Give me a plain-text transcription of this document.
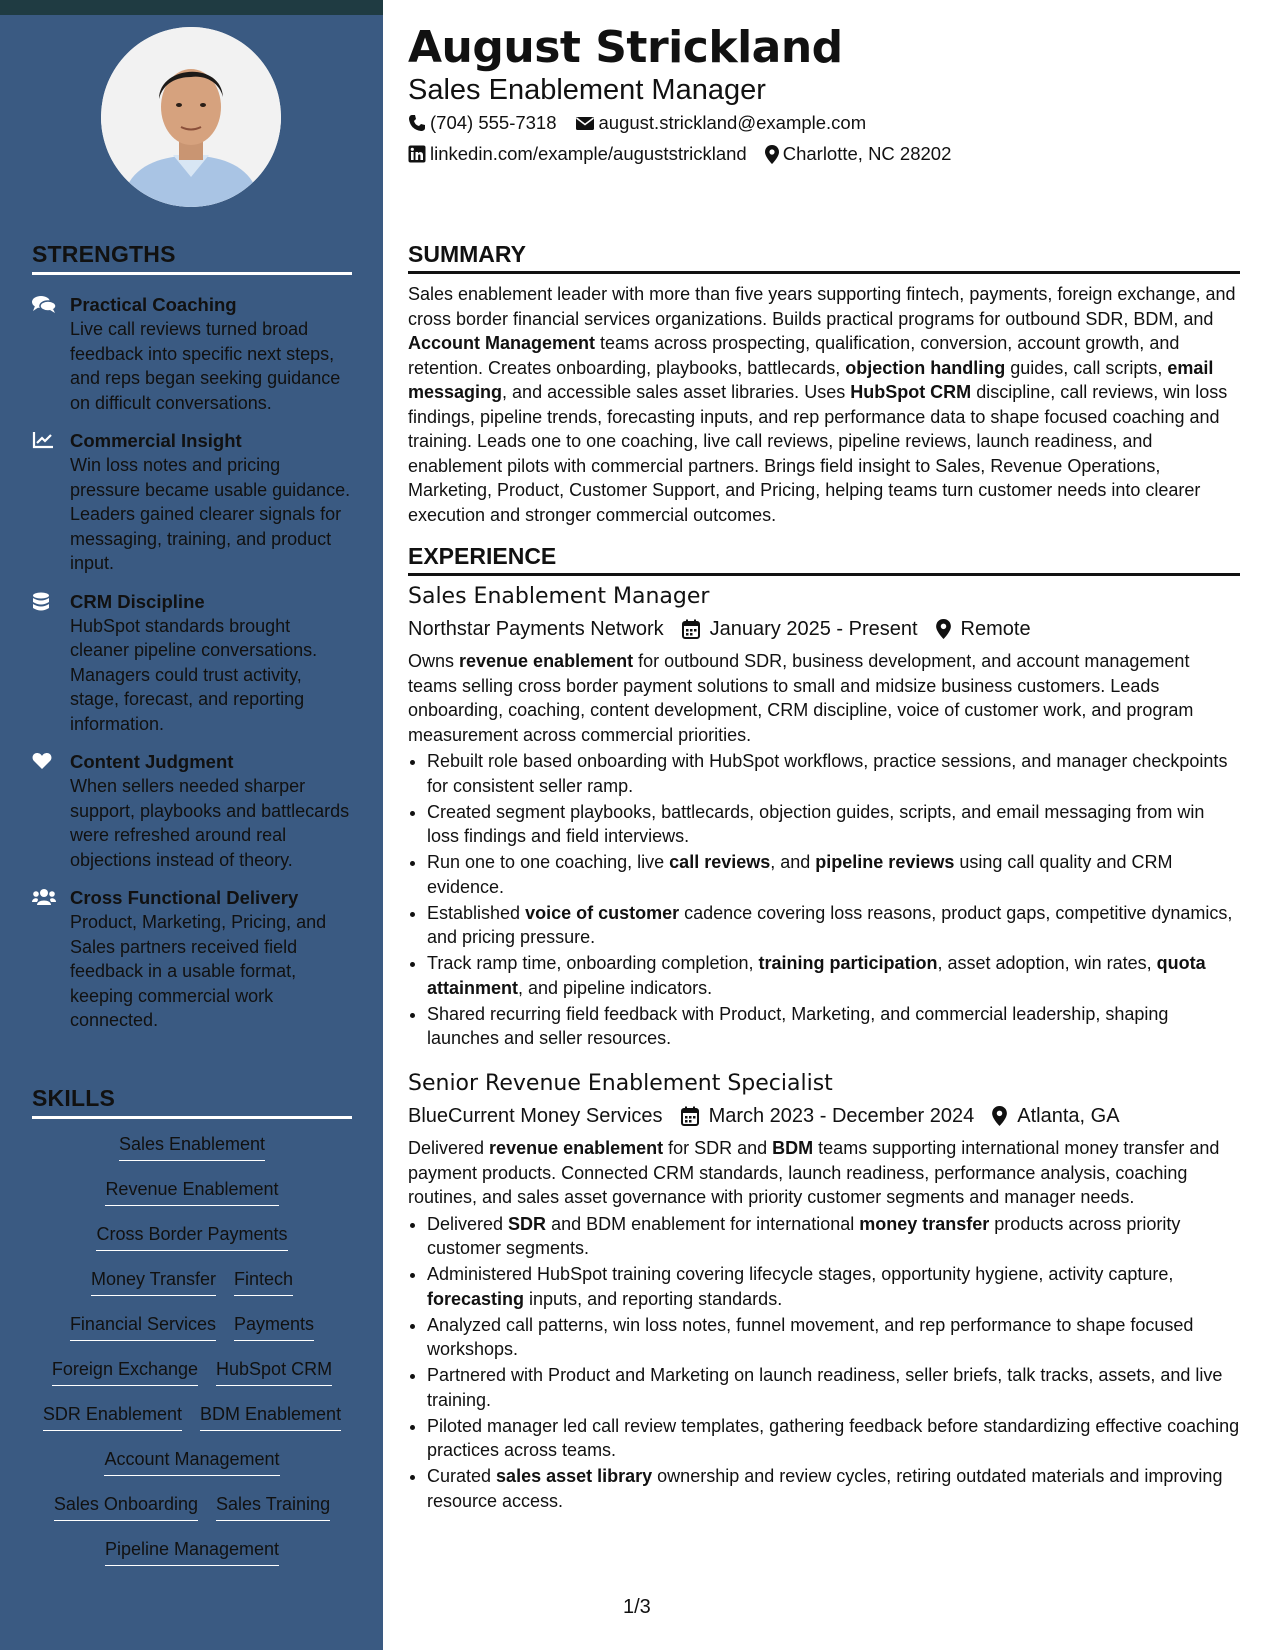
STRENGTHS
Practical Coaching
Live call reviews turned broad feedback into specific next steps, and reps began seeking guidance on difficult conversations.
Commercial Insight
Win loss notes and pricing pressure became usable guidance. Leaders gained clearer signals for messaging, training, and product input.
CRM Discipline
HubSpot standards brought cleaner pipeline conversations. Managers could trust activity, stage, forecast, and reporting information.
Content Judgment
When sellers needed sharper support, playbooks and battlecards were refreshed around real objections instead of theory.
Cross Functional Delivery
Product, Marketing, Pricing, and Sales partners received field feedback in a usable format, keeping commercial work connected.
SKILLS
Sales Enablement
Revenue Enablement
Cross Border Payments
Money Transfer Fintech
Financial Services Payments
Foreign Exchange HubSpot CRM
SDR Enablement BDM Enablement
Account Management
Sales Onboarding Sales Training
Pipeline Management
August Strickland
Sales Enablement Manager
(704) 555-7318 august.strickland@example.com
linkedin.com/example/auguststrickland Charlotte, NC 28202
SUMMARY
Sales enablement leader with more than five years supporting fintech, payments, foreign exchange, and cross border financial services organizations. Builds practical programs for outbound SDR, BDM, and Account Management teams across prospecting, qualification, conversion, account growth, and retention. Creates onboarding, playbooks, battlecards, objection handling guides, call scripts, email messaging, and accessible sales asset libraries. Uses HubSpot CRM discipline, call reviews, win loss findings, pipeline trends, forecasting inputs, and rep performance data to shape focused coaching and training. Leads one to one coaching, live call reviews, pipeline reviews, launch readiness, and enablement pilots with commercial partners. Brings field insight to Sales, Revenue Operations, Marketing, Product, Customer Support, and Pricing, helping teams turn customer needs into clearer execution and stronger commercial outcomes.
EXPERIENCE
Sales Enablement Manager
Northstar Payments Network January 2025 - Present Remote
Owns revenue enablement for outbound SDR, business development, and account management teams selling cross border payment solutions to small and midsize business customers. Leads onboarding, coaching, content development, CRM discipline, voice of customer work, and program measurement across commercial priorities.
• Rebuilt role based onboarding with HubSpot workflows, practice sessions, and manager checkpoints for consistent seller ramp.
• Created segment playbooks, battlecards, objection guides, scripts, and email messaging from win loss findings and field interviews.
• Run one to one coaching, live call reviews, and pipeline reviews using call quality and CRM evidence.
• Established voice of customer cadence covering loss reasons, product gaps, competitive dynamics, and pricing pressure.
• Track ramp time, onboarding completion, training participation, asset adoption, win rates, quota attainment, and pipeline indicators.
• Shared recurring field feedback with Product, Marketing, and commercial leadership, shaping launches and seller resources.
Senior Revenue Enablement Specialist
BlueCurrent Money Services March 2023 - December 2024 Atlanta, GA
Delivered revenue enablement for SDR and BDM teams supporting international money transfer and payment products. Connected CRM standards, launch readiness, performance analysis, coaching routines, and sales asset governance with priority customer segments and manager needs.
• Delivered SDR and BDM enablement for international money transfer products across priority customer segments.
• Administered HubSpot training covering lifecycle stages, opportunity hygiene, activity capture, forecasting inputs, and reporting standards.
• Analyzed call patterns, win loss notes, funnel movement, and rep performance to shape focused workshops.
• Partnered with Product and Marketing on launch readiness, seller briefs, talk tracks, assets, and live training.
• Piloted manager led call review templates, gathering feedback before standardizing effective coaching practices across teams.
• Curated sales asset library ownership and review cycles, retiring outdated materials and improving resource access.
1/3
